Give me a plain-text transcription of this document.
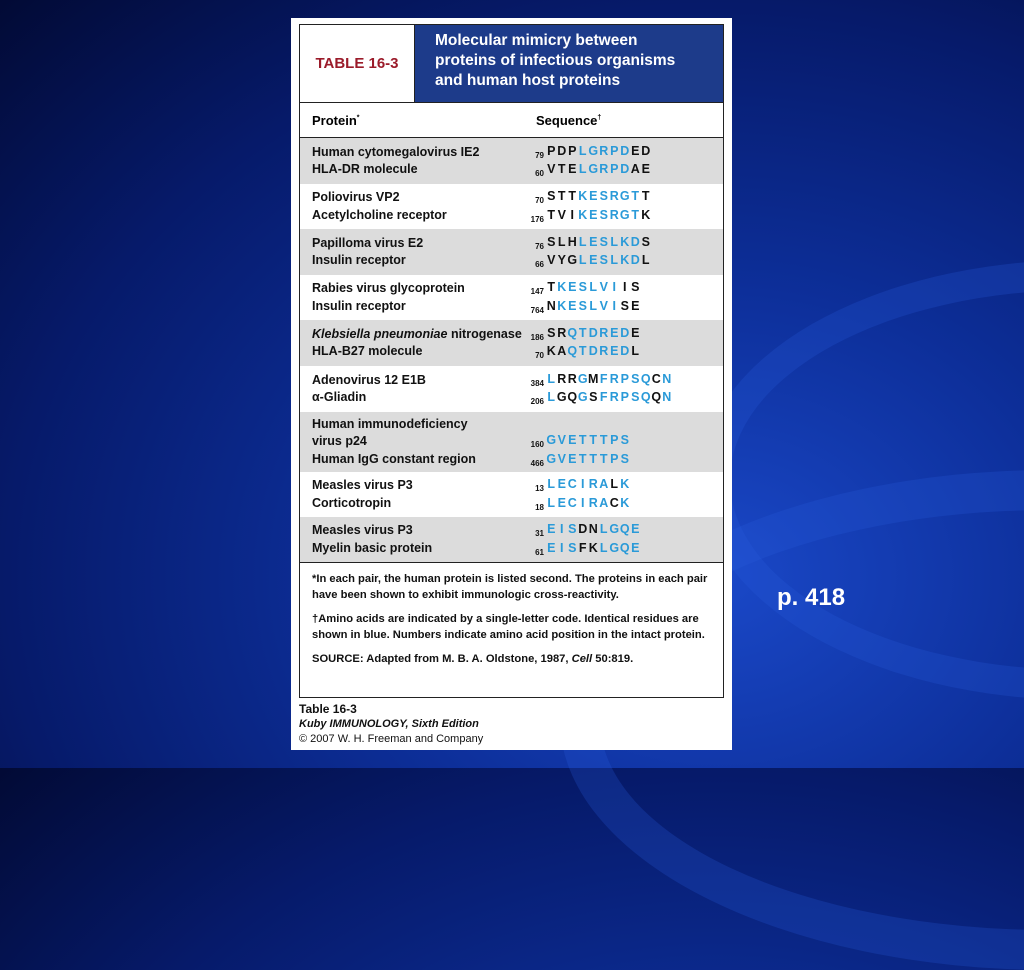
p. 418
TABLE 16-3
Molecular mimicry between
proteins of infectious organisms
and human host proteins
Protein*	Sequence†
Human cytomegalovirus IE2
HLA-DR molecule
79 P D P L G R P D E D
60 V T E L G R P D A E
Poliovirus VP2
Acetylcholine receptor
70 S T T K E S R G T T
176 T V I K E S R G T K
Papilloma virus E2
Insulin receptor
76 S L H L E S L K D S
66 V Y G L E S L K D L
Rabies virus glycoprotein
Insulin receptor
147 T K E S L V I I S
764 N K E S L V I S E
Klebsiella pneumoniae nitrogenase
HLA-B27 molecule
186 S R Q T D R E D E
70 K A Q T D R E D L
Adenovirus 12 E1B
α-Gliadin
384 L R R G M F R P S Q C N
206 L G Q G S F R P S Q Q N
Human immunodeficiency
virus p24
Human IgG constant region
160 G V E T T T P S
466 G V E T T T P S
Measles virus P3
Corticotropin
13 L E C I R A L K
18 L E C I R A C K
Measles virus P3
Myelin basic protein
31 E I S D N L G Q E
61 E I S F K L G Q E

*In each pair, the human protein is listed second. The proteins in each pair have been shown to exhibit immunologic cross-reactivity.

†Amino acids are indicated by a single-letter code. Identical residues are shown in blue. Numbers indicate amino acid position in the intact protein.

SOURCE: Adapted from M. B. A. Oldstone, 1987, Cell 50:819.

Table 16-3
Kuby IMMUNOLOGY, Sixth Edition
© 2007 W. H. Freeman and Company
